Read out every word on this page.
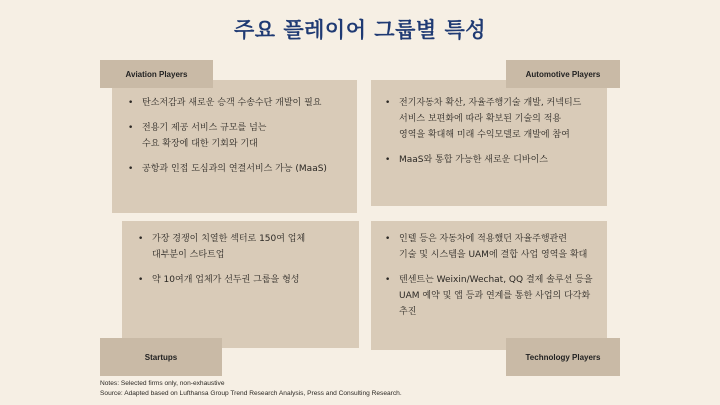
주요 플레이어 그룹별 특성
• 탄소저감과 새로운 승객 수송수단 개발이 필요
• 전용기 제공 서비스 규모를 넘는
수요 확장에 대한 기회와 기대
• 공항과 인접 도심과의 연결서비스 가능 (MaaS)
Aviation Players
• 전기자동차 확산, 자율주행기술 개발, 커넥티드
서비스 보편화에 따라 확보된 기술의 적용
영역을 확대해 미래 수익모델로 개발에 참여
• MaaS와 통합 가능한 새로운 디바이스
Automotive Players
• 가장 경쟁이 치열한 섹터로 150여 업체
대부분이 스타트업
• 약 10여개 업체가 선두권 그룹을 형성
Startups
• 인텔 등은 자동차에 적용했던 자율주행관련
기술 및 시스템을 UAM에 결합 사업 영역을 확대
• 텐센트는 Weixin/Wechat, QQ 결제 솔루션 등을
UAM 예약 및 앱 등과 연계를 통한 사업의 다각화
추진
Technology Players
Notes: Selected firms only, non-exhaustive
Source: Adapted based on Lufthansa Group Trend Research Analysis, Press and Consulting Research.
